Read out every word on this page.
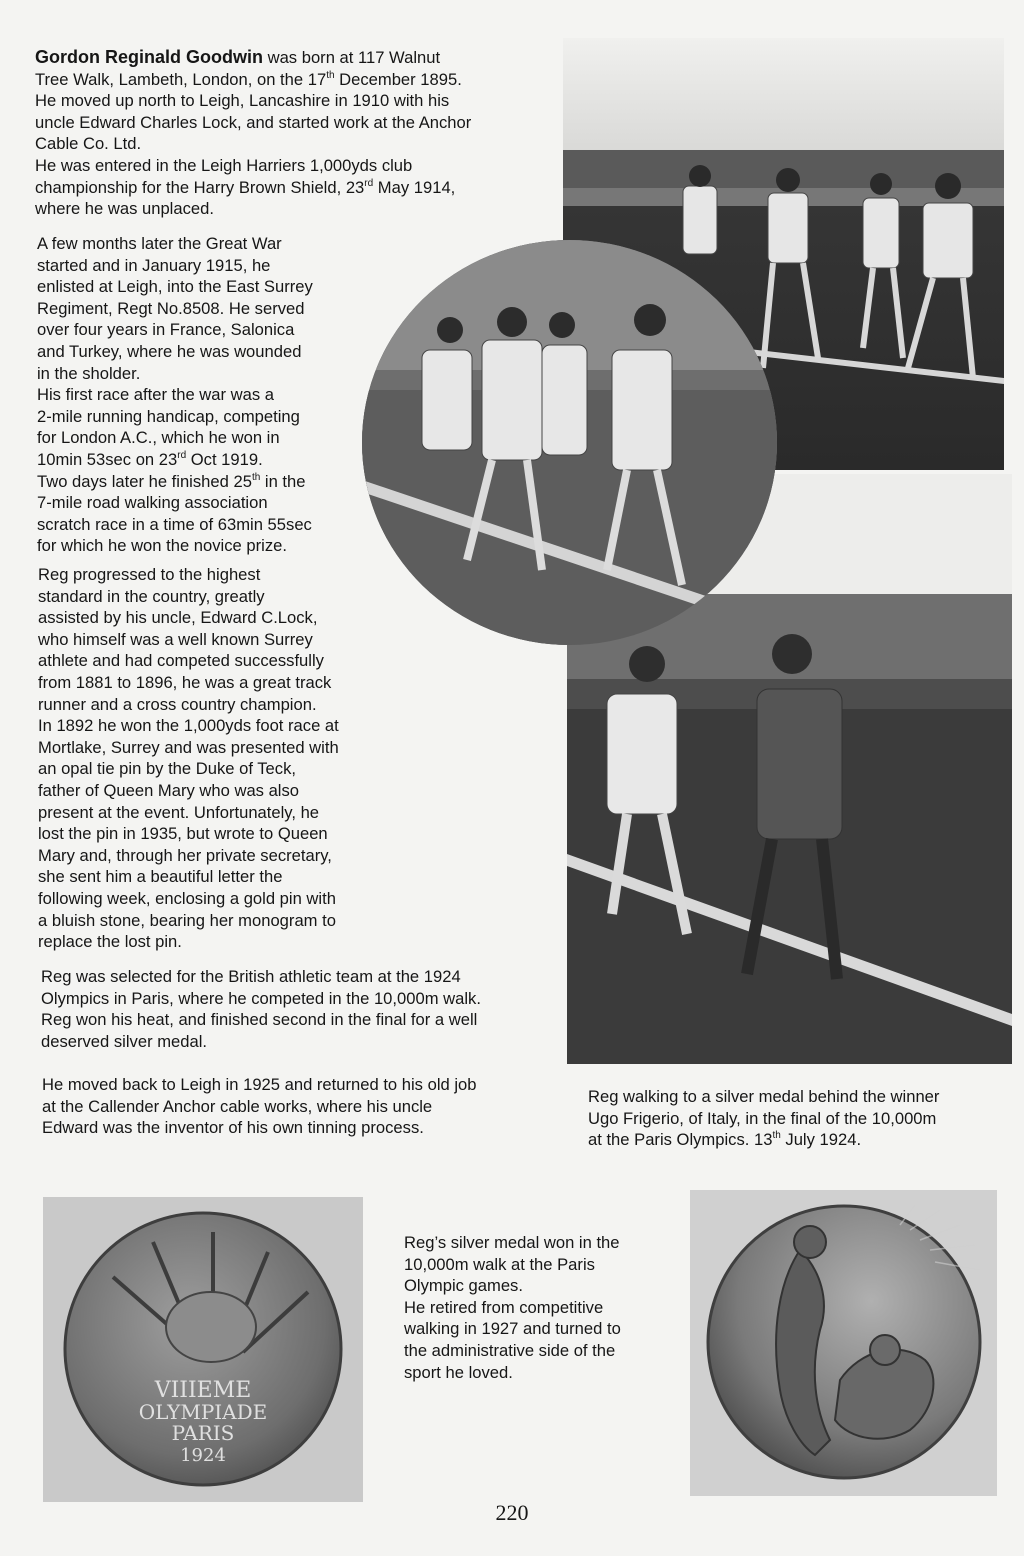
Gordon Reginald Goodwin was born at 117 Walnut
Tree Walk, Lambeth, London, on the 17th December 1895.
He moved up north to Leigh, Lancashire in 1910 with his
uncle Edward Charles Lock, and started work at the Anchor
Cable Co. Ltd.
He was entered in the Leigh Harriers 1,000yds club
championship for the Harry Brown Shield, 23rd May 1914,
where he was unplaced.
A few months later the Great War
started and in January 1915, he
enlisted at Leigh, into the East Surrey
Regiment, Regt No.8508. He served
over four years in France, Salonica
and Turkey, where he was wounded
in the sholder.
His first race after the war was a
2-mile running handicap, competing
for London A.C., which he won in
10min 53sec on 23rd Oct 1919.
Two days later he finished 25th in the
7-mile road walking association
scratch race in a time of 63min 55sec
for which he won the novice prize.
Reg progressed to the highest
standard in the country, greatly
assisted by his uncle, Edward C.Lock,
who himself was a well known Surrey
athlete and had competed successfully
from 1881 to 1896, he was a great track
runner and a cross country champion.
In 1892 he won the 1,000yds foot race at
Mortlake, Surrey and was presented with
an opal tie pin by the Duke of Teck,
father of Queen Mary who was also
present at the event. Unfortunately, he
lost the pin in 1935, but wrote to Queen
Mary and, through her private secretary,
she sent him a beautiful letter the
following week, enclosing a gold pin with
a bluish stone, bearing her monogram to
replace the lost pin.
Reg was selected for the British athletic team at the 1924
Olympics in Paris, where he competed in the 10,000m walk.
Reg won his heat, and finished second in the final for a well
deserved silver medal.
He moved back to Leigh in 1925 and returned to his old job
at the Callender Anchor cable works, where his uncle
Edward was the inventor of his own tinning process.
Reg walking to a silver medal behind the winner
Ugo Frigerio, of Italy, in the final of the 10,000m
at the Paris Olympics. 13th July 1924.
Reg’s silver medal won in the
10,000m walk at the Paris
Olympic games.
He retired from competitive
walking in 1927 and turned to
the administrative side of the
sport he loved.
VIIIEME
OLYMPIADE
PARIS
1924
220
